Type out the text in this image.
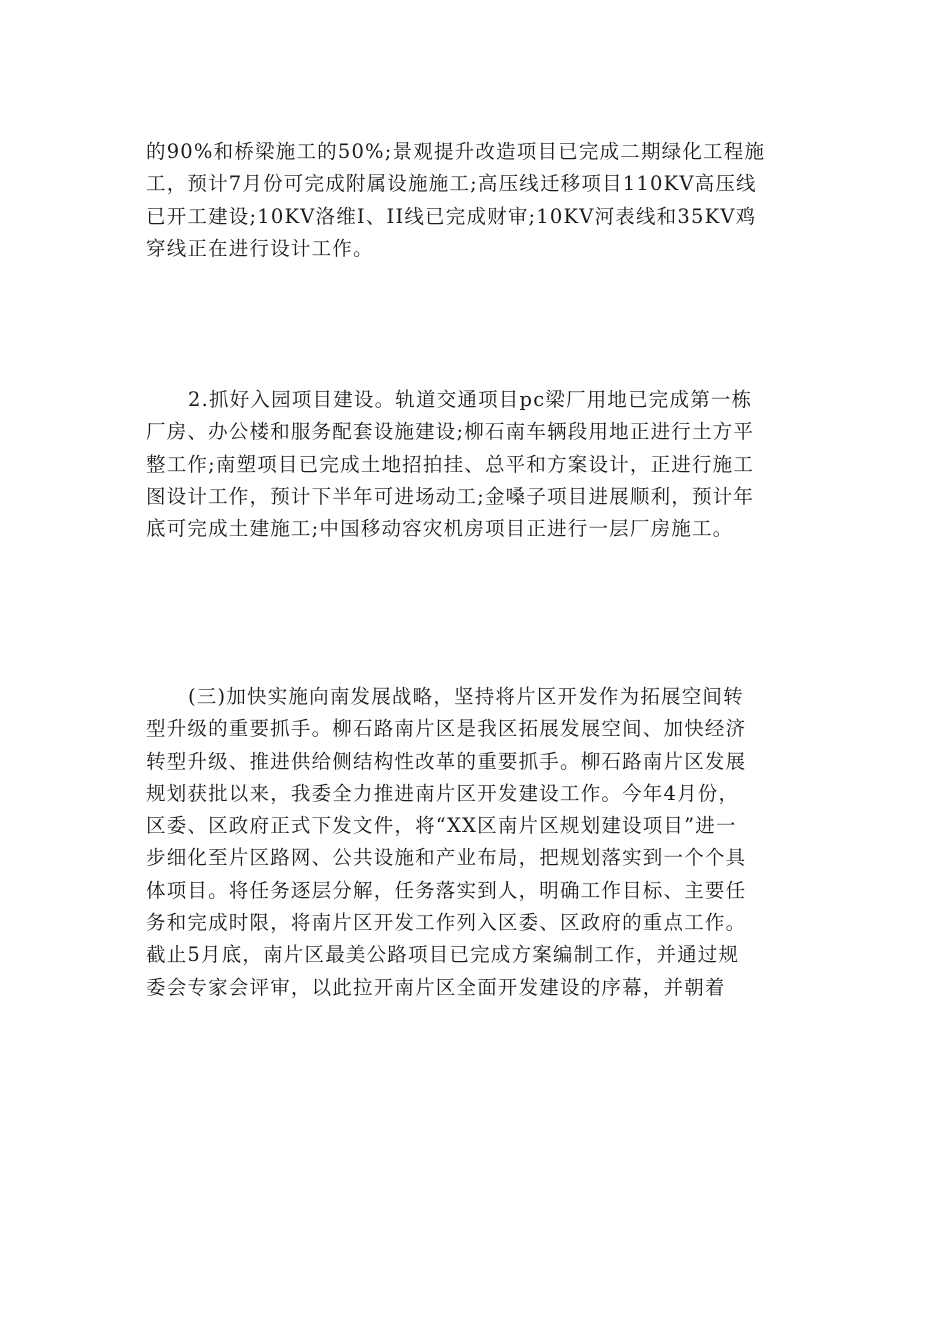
的90%和桥梁施工的50%;景观提升改造项目已完成二期绿化工程施

工，预计7月份可完成附属设施施工;高压线迁移项目110KV高压线

已开工建设;10KV洛维I、II线已完成财审;10KV河表线和35KV鸡

穿线正在进行设计工作。

2.抓好入园项目建设。轨道交通项目pc梁厂用地已完成第一栋

厂房、办公楼和服务配套设施建设;柳石南车辆段用地正进行土方平

整工作;南塑项目已完成土地招拍挂、总平和方案设计，正进行施工

图设计工作，预计下半年可进场动工;金嗓子项目进展顺利，预计年

底可完成土建施工;中国移动容灾机房项目正进行一层厂房施工。

(三)加快实施向南发展战略，坚持将片区开发作为拓展空间转

型升级的重要抓手。柳石路南片区是我区拓展发展空间、加快经济

转型升级、推进供给侧结构性改革的重要抓手。柳石路南片区发展

规划获批以来，我委全力推进南片区开发建设工作。今年4月份，

区委、区政府正式下发文件，将“XX区南片区规划建设项目”进一

步细化至片区路网、公共设施和产业布局，把规划落实到一个个具

体项目。将任务逐层分解，任务落实到人，明确工作目标、主要任

务和完成时限，将南片区开发工作列入区委、区政府的重点工作。

截止5月底，南片区最美公路项目已完成方案编制工作，并通过规

委会专家会评审，以此拉开南片区全面开发建设的序幕，并朝着
